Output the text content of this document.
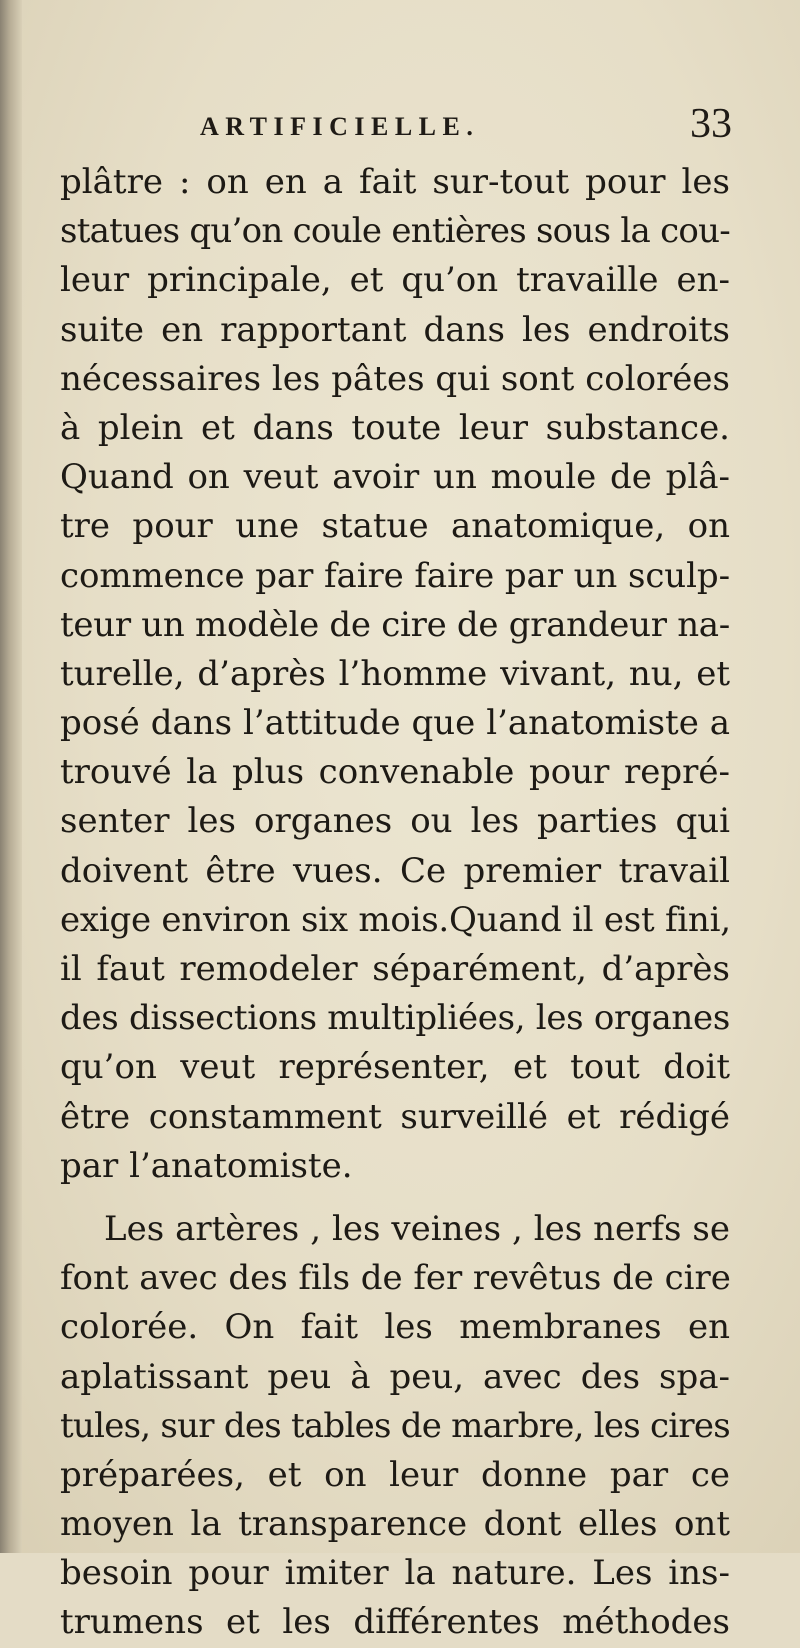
ARTIFICIELLE.	33
plâtre : on en a fait sur-tout pour les
statues qu’on coule entières sous la cou-
leur principale, et qu’on travaille en-
suite en rapportant dans les endroits
nécessaires les pâtes qui sont colorées
à plein et dans toute leur substance.
Quand on veut avoir un moule de plâ-
tre pour une statue anatomique, on
commence par faire faire par un sculp-
teur un modèle de cire de grandeur na-
turelle, d’après l’homme vivant, nu, et
posé dans l’attitude que l’anatomiste a
trouvé la plus convenable pour repré-
senter les organes ou les parties qui
doivent être vues. Ce premier travail
exige environ six mois.Quand il est fini,
il faut remodeler séparément, d’après
des dissections multipliées, les organes
qu’on veut représenter, et tout doit
être constamment surveillé et rédigé
par l’anatomiste.
Les artères , les veines , les nerfs se
font avec des fils de fer revêtus de cire
colorée. On fait les membranes en
aplatissant peu à peu, avec des spa-
tules, sur des tables de marbre, les cires
préparées, et on leur donne par ce
moyen la transparence dont elles ont
besoin pour imiter la nature. Les ins-
trumens et les différentes méthodes
